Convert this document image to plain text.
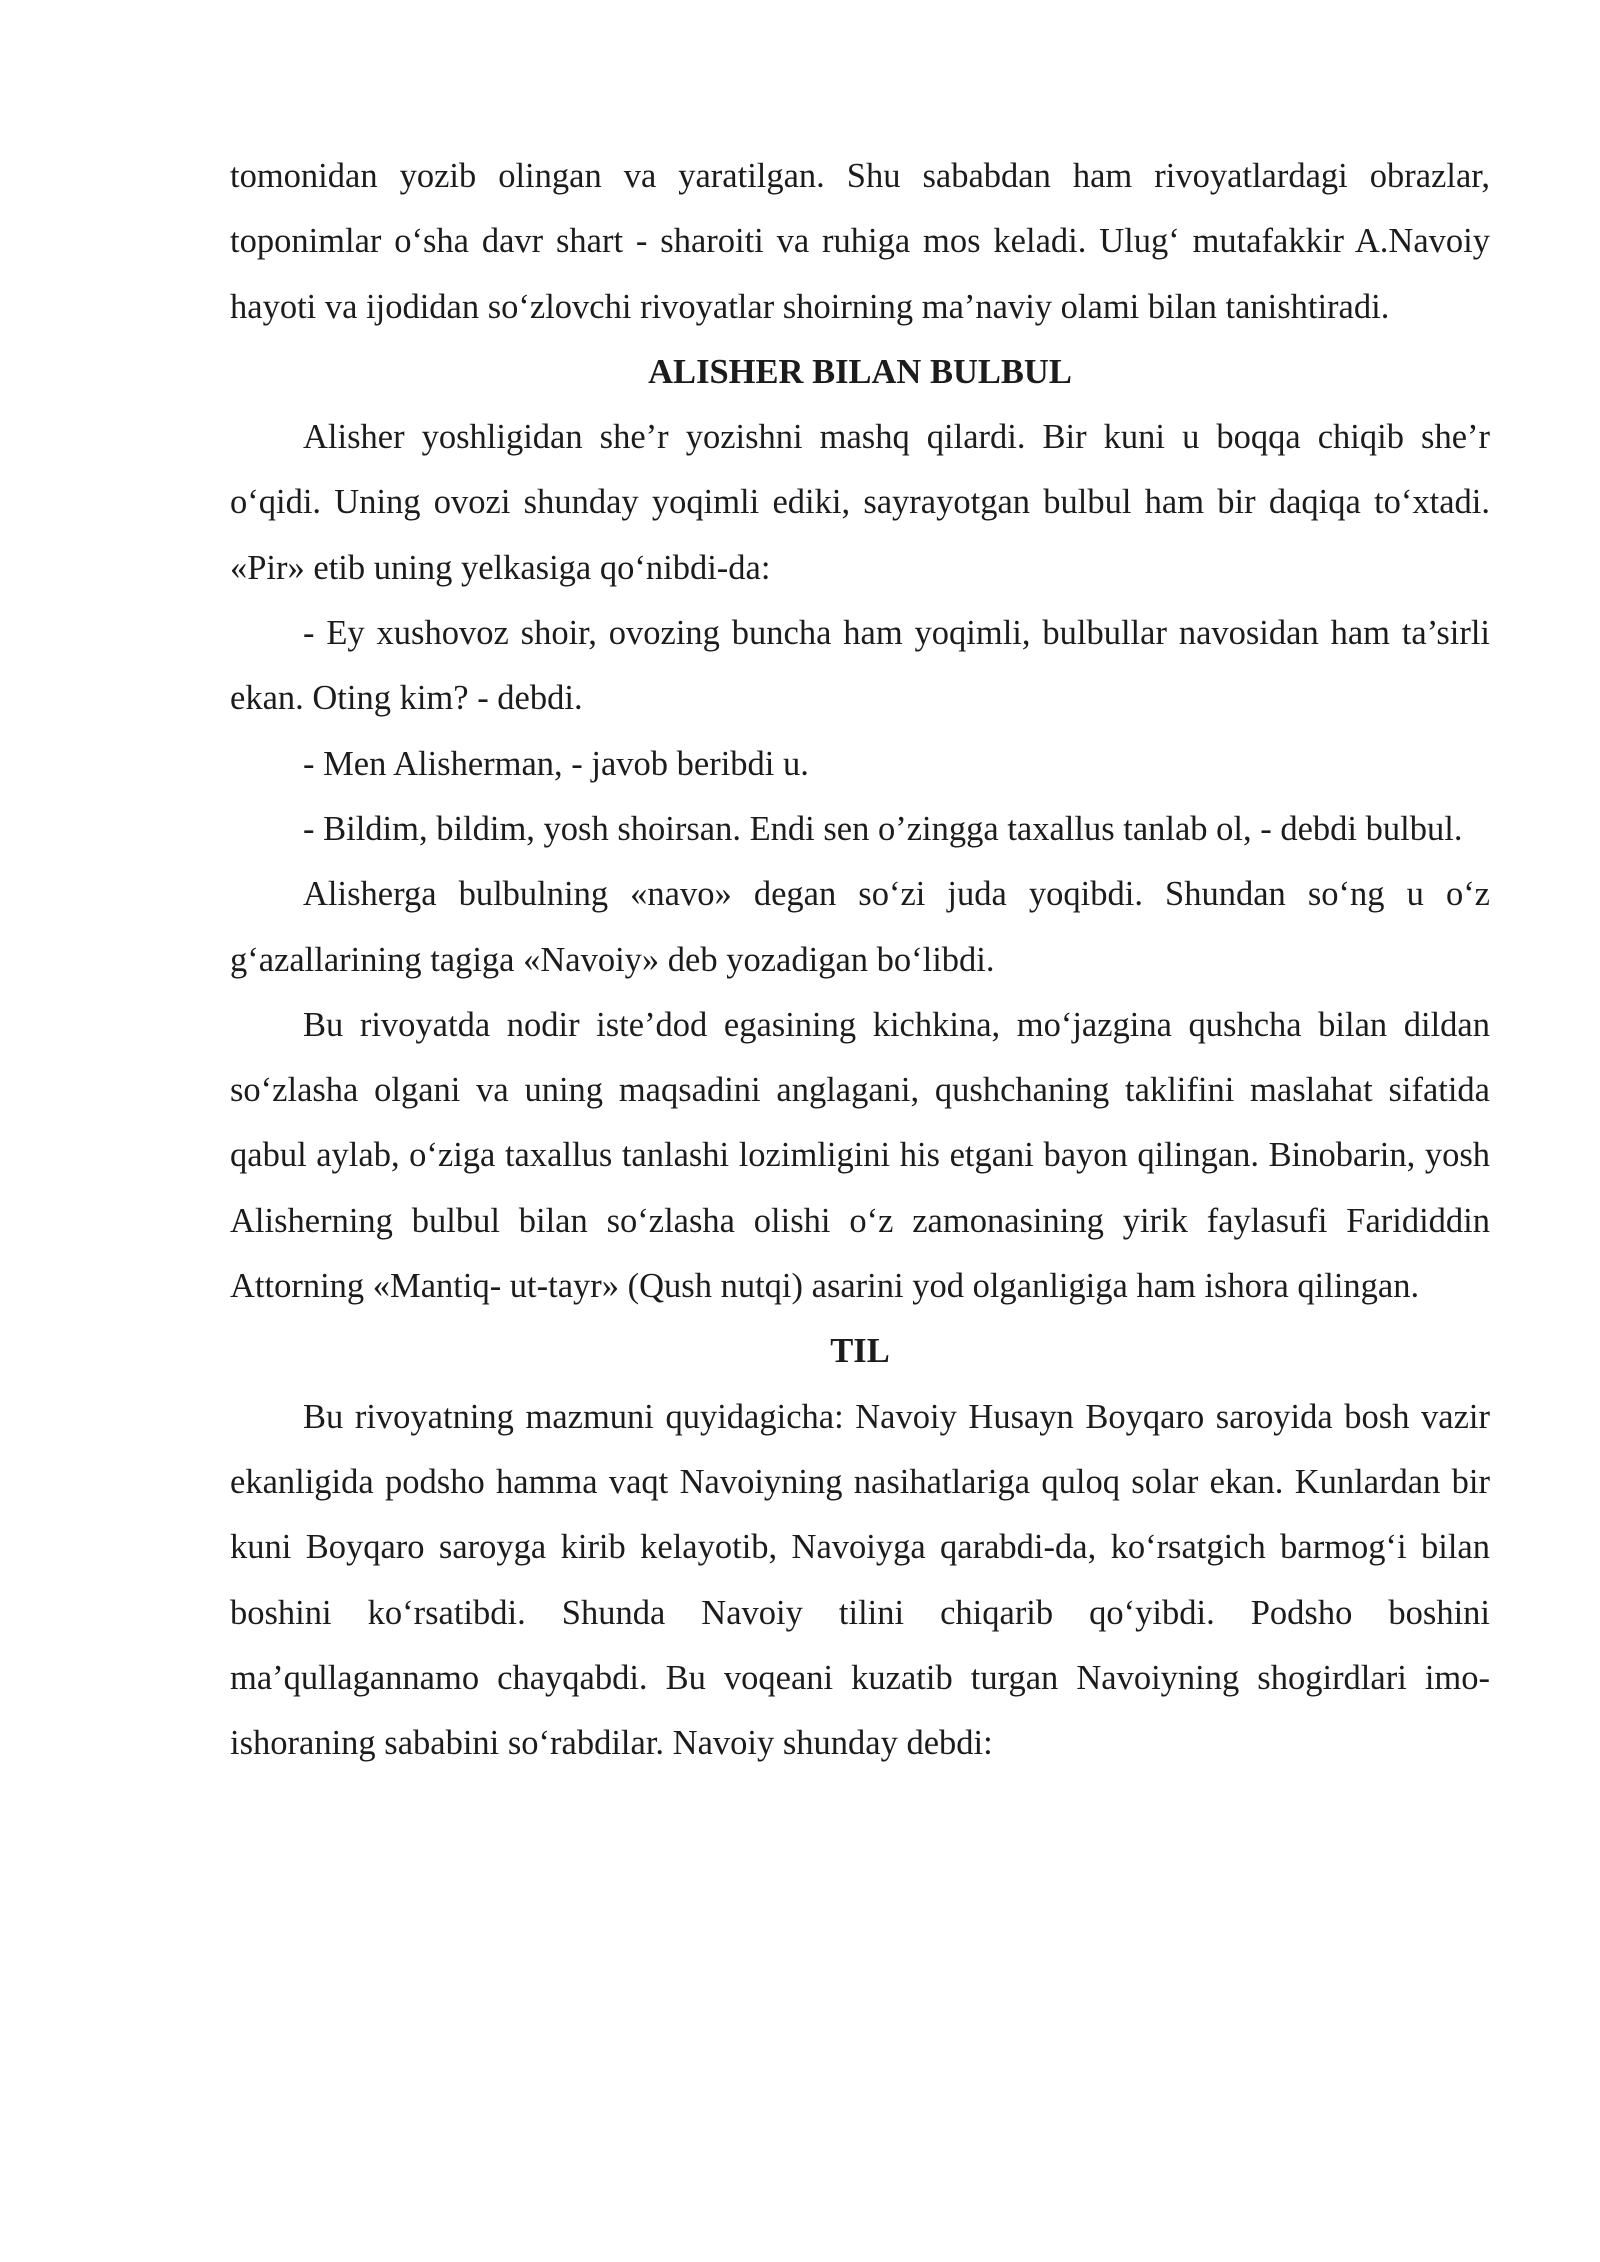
tomonidan yozib olingan va yaratilgan. Shu sababdan ham rivoyatlardagi obrazlar, toponimlar o‘sha davr shart - sharoiti va ruhiga mos keladi. Ulug‘ mutafakkir A.Navoiy hayoti va ijodidan so‘zlovchi rivoyatlar shoirning ma’naviy olami bilan tanishtiradi.

ALISHER BILAN BULBUL

Alisher yoshligidan she’r yozishni mashq qilardi. Bir kuni u boqqa chiqib she’r o‘qidi. Uning ovozi shunday yoqimli ediki, sayrayotgan bulbul ham bir daqiqa to‘xtadi. «Pir» etib uning yelkasiga qo‘nibdi-da:

- Ey xushovoz shoir, ovozing buncha ham yoqimli, bulbullar navosidan ham ta’sirli ekan. Oting kim? - debdi.

- Men Alisherman, - javob beribdi u.

- Bildim, bildim, yosh shoirsan. Endi sen o’zingga taxallus tanlab ol, - debdi bulbul.

Alisherga bulbulning «navo» degan so‘zi juda yoqibdi. Shundan so‘ng u o‘z g‘azallarining tagiga «Navoiy» deb yozadigan bo‘libdi.

Bu rivoyatda nodir iste’dod egasining kichkina, mo‘jazgina qushcha bilan dildan so‘zlasha olgani va uning maqsadini anglagani, qushchaning taklifini maslahat sifatida qabul aylab, o‘ziga taxallus tanlashi lozimligini his etgani bayon qilingan. Binobarin, yosh Alisherning bulbul bilan so‘zlasha olishi o‘z zamonasining yirik faylasufi Farididdin Attorning «Mantiq- ut-tayr» (Qush nutqi) asarini yod olganligiga ham ishora qilingan.

TIL

Bu rivoyatning mazmuni quyidagicha: Navoiy Husayn Boyqaro saroyida bosh vazir ekanligida podsho hamma vaqt Navoiyning nasihatlariga quloq solar ekan. Kunlardan bir kuni Boyqaro saroyga kirib kelayotib, Navoiyga qarabdi-da, ko‘rsatgich barmog‘i bilan boshini ko‘rsatibdi. Shunda Navoiy tilini chiqarib qo‘yibdi. Podsho boshini ma’qullagannamo chayqabdi. Bu voqeani kuzatib turgan Navoiyning shogirdlari imo-ishoraning sababini so‘rabdilar. Navoiy shunday debdi:
